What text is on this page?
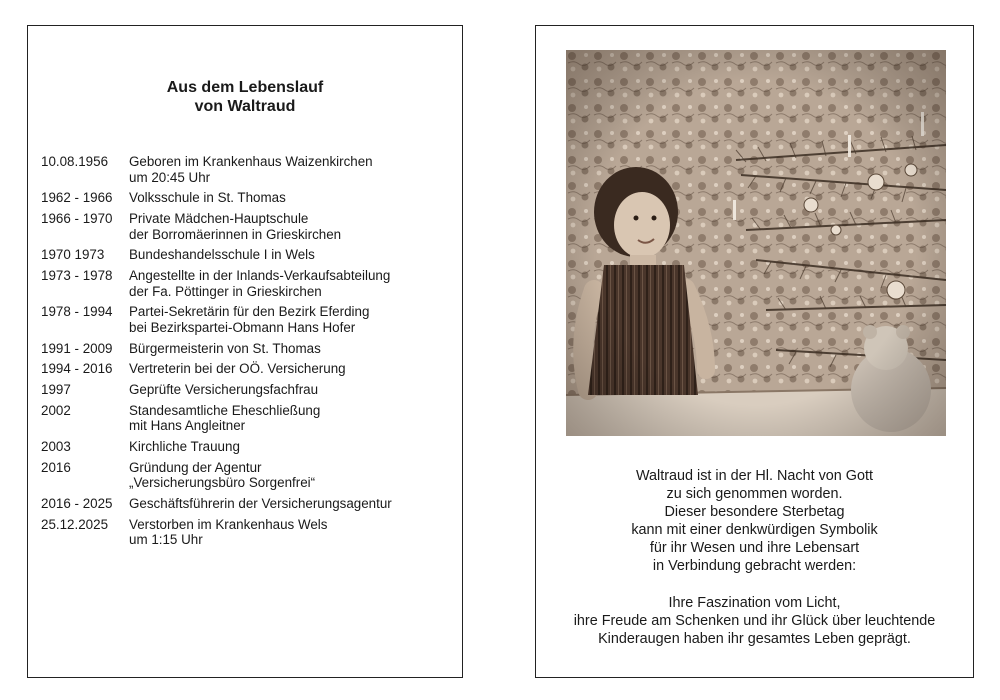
Aus dem Lebenslauf
von Waltraud
10.08.1956	Geboren im Krankenhaus Waizenkirchen
um 20:45 Uhr
1962 - 1966	Volksschule in St. Thomas
1966 - 1970	Private Mädchen-Hauptschule
der Borromäerinnen in Grieskirchen
1970 1973	Bundeshandelsschule I in Wels
1973 - 1978	Angestellte in der Inlands-Verkaufsabteilung
der Fa. Pöttinger in Grieskirchen
1978 - 1994	Partei-Sekretärin für den Bezirk Eferding
bei Bezirkspartei-Obmann Hans Hofer
1991 - 2009	Bürgermeisterin von St. Thomas
1994 - 2016	Vertreterin bei der OÖ. Versicherung
1997	Geprüfte Versicherungsfachfrau
2002	Standesamtliche Eheschließung
mit Hans Angleitner
2003	Kirchliche Trauung
2016	Gründung der Agentur
„Versicherungsbüro Sorgenfrei“
2016 - 2025	Geschäftsführerin der Versicherungsagentur
25.12.2025	Verstorben im Krankenhaus Wels
um 1:15 Uhr
Waltraud ist in der Hl. Nacht von Gott
zu sich genommen worden.
Dieser besondere Sterbetag
kann mit einer denkwürdigen Symbolik
für ihr Wesen und ihre Lebensart
in Verbindung gebracht werden:
Ihre Faszination vom Licht,
ihre Freude am Schenken und ihr Glück über leuchtende
Kinderaugen haben ihr gesamtes Leben geprägt.
